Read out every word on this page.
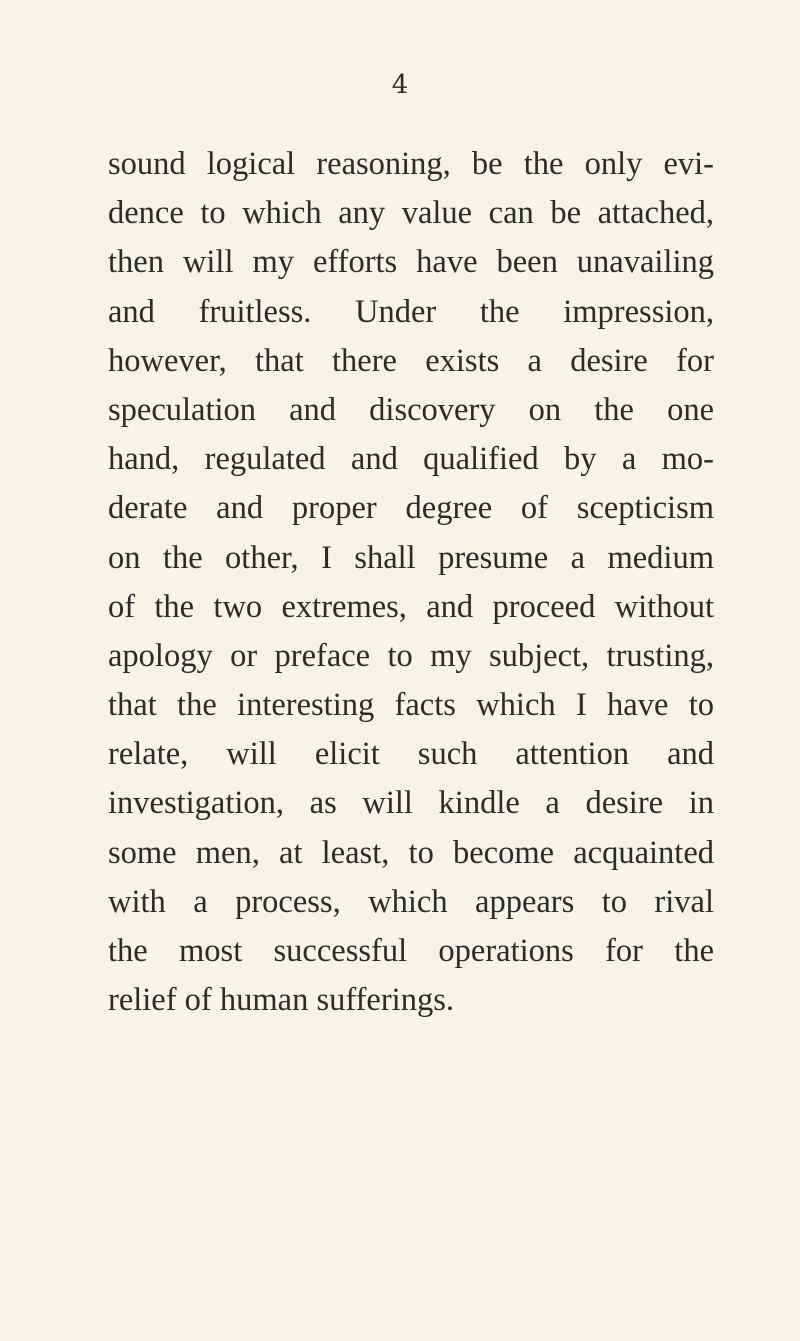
4
sound logical reasoning, be the only evi-
dence to which any value can be attached,
then will my efforts have been unavailing
and fruitless. Under the impression,
however, that there exists a desire for
speculation and discovery on the one
hand, regulated and qualified by a mo-
derate and proper degree of scepticism
on the other, I shall presume a medium
of the two extremes, and proceed without
apology or preface to my subject, trusting,
that the interesting facts which I have to
relate, will elicit such attention and
investigation, as will kindle a desire in
some men, at least, to become acquainted
with a process, which appears to rival
the most successful operations for the
relief of human sufferings.
